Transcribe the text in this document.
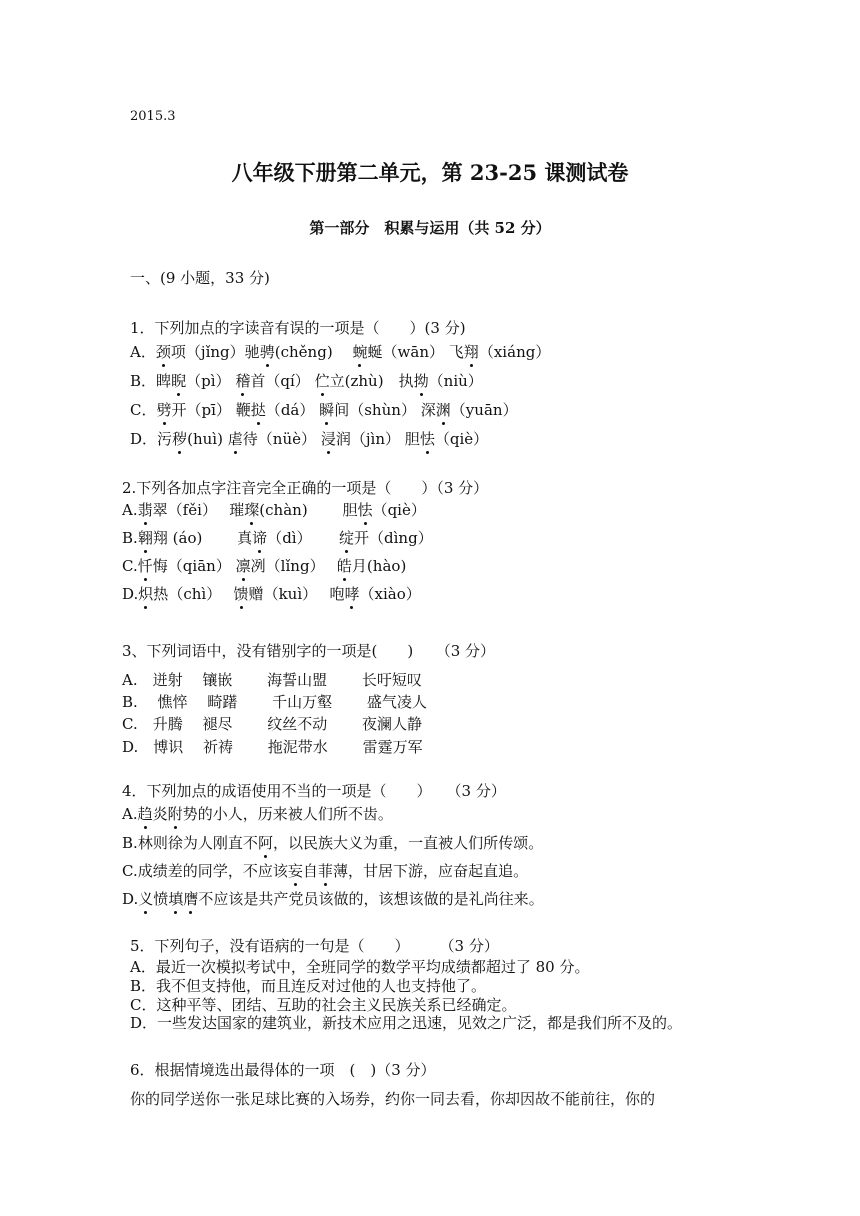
2015.3
八年级下册第二单元，第 23-25 课测试卷
第一部分　积累与运用（共 52 分）
一、(9 小题，33 分)
1．下列加点的字读音有误的一项是（　　）(3 分)
A．颈项（jǐng）驰骋(chěng)　 蜿蜒（wān） 飞翔（xiáng）
B．睥睨（pì） 稽首（qí） 伫立(zhù)　 执拗（niù）
C．劈开（pī） 鞭挞（dá） 瞬间（shùn） 深渊（yuān）
D．污秽(huì) 虐待（nüè） 浸润（jìn） 胆怯（qiè）
2.下列各加点字注音完全正确的一项是（　　）（3 分）
A.翡翠（fěi）　 璀璨(chàn)　　 胆怯（qiè）
B.翱翔 (áo)　　 真谛（dì）　　 绽开（dìng）
C.忏悔（qiān） 凛冽（lǐng）　 皓月(hào)
D.炽热（chì）　 馈赠（kuì）　 咆哮（xiào）
3、下列词语中，没有错别字的一项是(　　)　　（3 分）
A.　迸射　 镶嵌　　 海誓山盟　　 长吁短叹
B.　 憔悴　 畸躇　　 千山万壑　　 盛气凌人
C.　升腾　 褪尽　　 纹丝不动　　 夜澜人静
D.　博识　 祈祷　　 拖泥带水　　 雷霆万军
4．下列加点的成语使用不当的一项是（　　）　　（3 分）
A.趋炎附势的小人，历来被人们所不齿。
B.林则徐为人刚直不阿，以民族大义为重，一直被人们所传颂。
C.成绩差的同学，不应该妄自菲薄，甘居下游，应奋起直追。
D.义愤填膺不应该是共产党员该做的，该想该做的是礼尚往来。
5．下列句子，没有语病的一句是（　　）　　　（3 分）
A．最近一次模拟考试中，全班同学的数学平均成绩都超过了 80 分。
B．我不但支持他，而且连反对过他的人也支持他了。
C．这种平等、团结、互助的社会主义民族关系已经确定。
D．一些发达国家的建筑业，新技术应用之迅速，见效之广泛，都是我们所不及的。
6．根据情境选出最得体的一项　(　)（3 分）
你的同学送你一张足球比赛的入场券，约你一同去看，你却因故不能前往，你的
